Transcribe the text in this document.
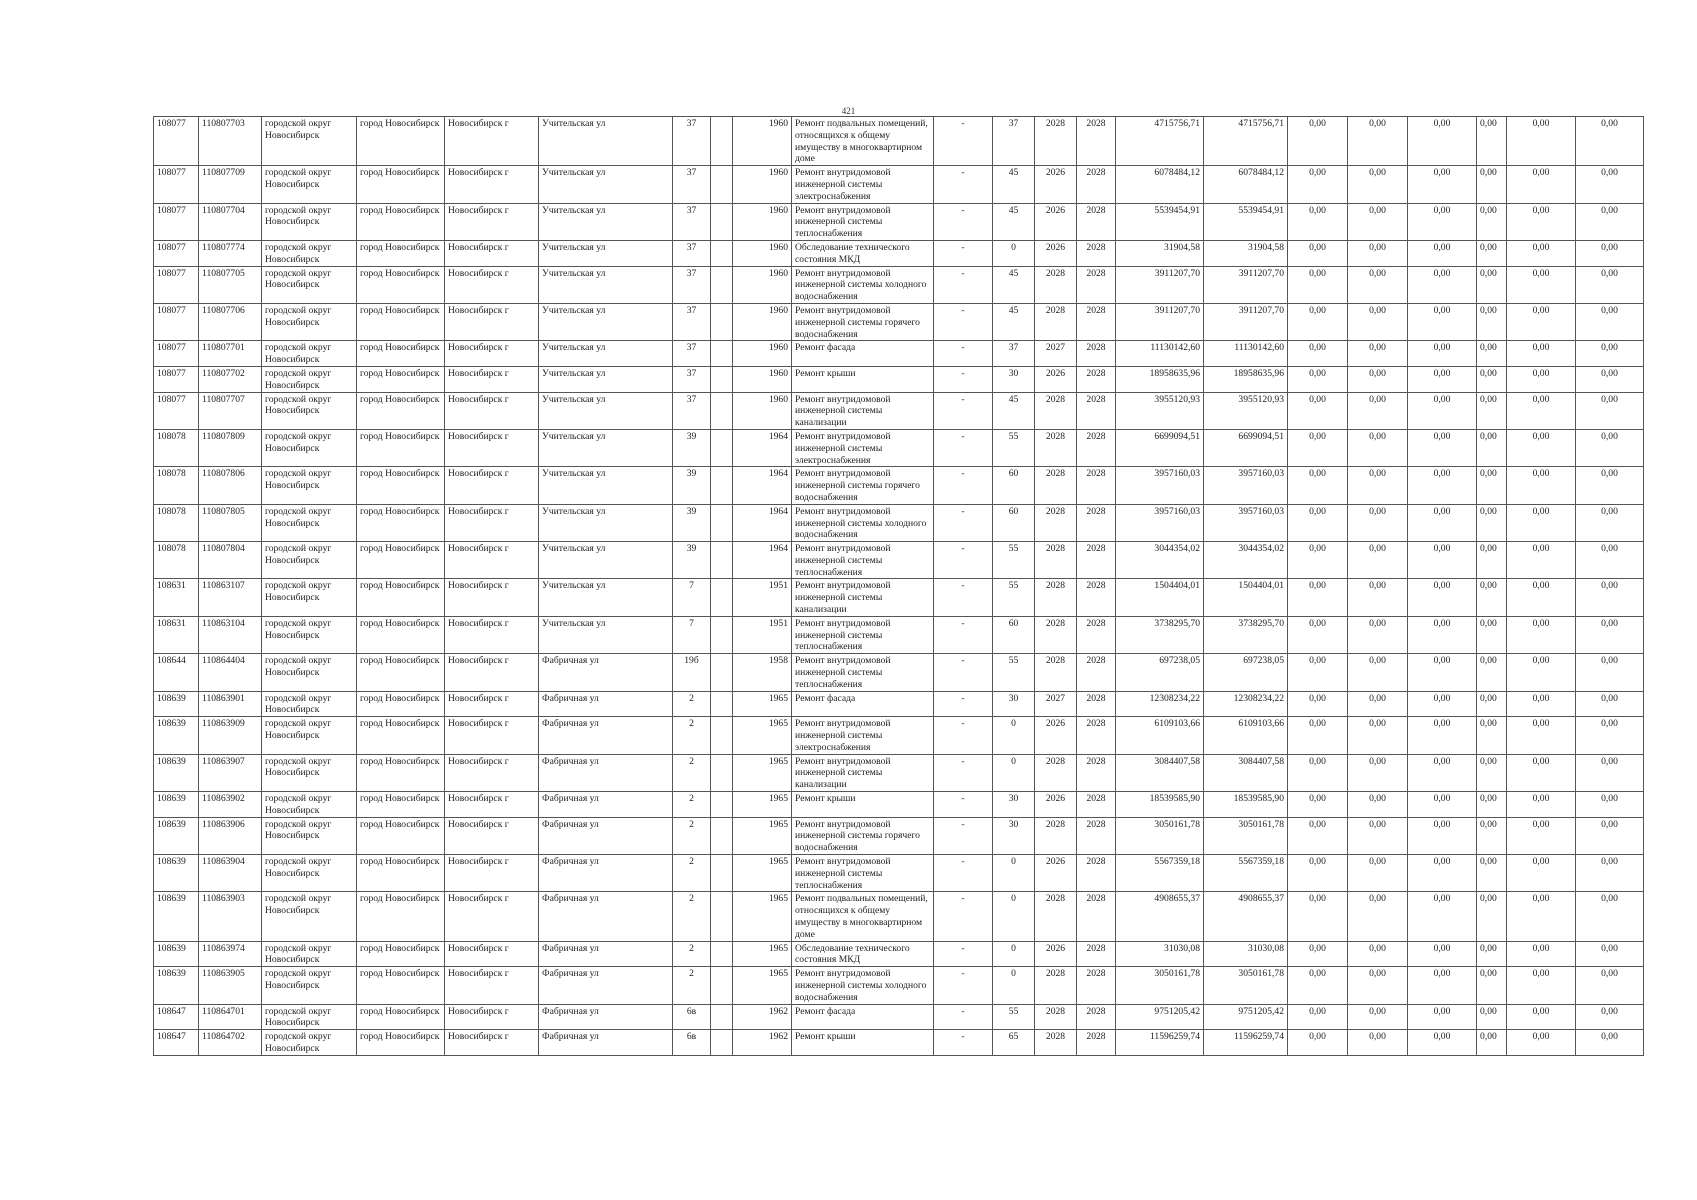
421
108077	110807703	городской округ Новосибирск	город Новосибирск	Новосибирск г	Учительская ул	37		1960	Ремонт подвальных помещений, относящихся к общему имуществу в многоквартирном доме	-	37	2028	2028	4715756,71	4715756,71	0,00	0,00	0,00	0,00	0,00	0,00
108077	110807709	городской округ Новосибирск	город Новосибирск	Новосибирск г	Учительская ул	37		1960	Ремонт внутридомовой инженерной системы электроснабжения	-	45	2026	2028	6078484,12	6078484,12	0,00	0,00	0,00	0,00	0,00	0,00
108077	110807704	городской округ Новосибирск	город Новосибирск	Новосибирск г	Учительская ул	37		1960	Ремонт внутридомовой инженерной системы теплоснабжения	-	45	2026	2028	5539454,91	5539454,91	0,00	0,00	0,00	0,00	0,00	0,00
108077	110807774	городской округ Новосибирск	город Новосибирск	Новосибирск г	Учительская ул	37		1960	Обследование технического состояния МКД	-	0	2026	2028	31904,58	31904,58	0,00	0,00	0,00	0,00	0,00	0,00
108077	110807705	городской округ Новосибирск	город Новосибирск	Новосибирск г	Учительская ул	37		1960	Ремонт внутридомовой инженерной системы холодного водоснабжения	-	45	2028	2028	3911207,70	3911207,70	0,00	0,00	0,00	0,00	0,00	0,00
108077	110807706	городской округ Новосибирск	город Новосибирск	Новосибирск г	Учительская ул	37		1960	Ремонт внутридомовой инженерной системы горячего водоснабжения	-	45	2028	2028	3911207,70	3911207,70	0,00	0,00	0,00	0,00	0,00	0,00
108077	110807701	городской округ Новосибирск	город Новосибирск	Новосибирск г	Учительская ул	37		1960	Ремонт фасада	-	37	2027	2028	11130142,60	11130142,60	0,00	0,00	0,00	0,00	0,00	0,00
108077	110807702	городской округ Новосибирск	город Новосибирск	Новосибирск г	Учительская ул	37		1960	Ремонт крыши	-	30	2026	2028	18958635,96	18958635,96	0,00	0,00	0,00	0,00	0,00	0,00
108077	110807707	городской округ Новосибирск	город Новосибирск	Новосибирск г	Учительская ул	37		1960	Ремонт внутридомовой инженерной системы канализации	-	45	2028	2028	3955120,93	3955120,93	0,00	0,00	0,00	0,00	0,00	0,00
108078	110807809	городской округ Новосибирск	город Новосибирск	Новосибирск г	Учительская ул	39		1964	Ремонт внутридомовой инженерной системы электроснабжения	-	55	2028	2028	6699094,51	6699094,51	0,00	0,00	0,00	0,00	0,00	0,00
108078	110807806	городской округ Новосибирск	город Новосибирск	Новосибирск г	Учительская ул	39		1964	Ремонт внутридомовой инженерной системы горячего водоснабжения	-	60	2028	2028	3957160,03	3957160,03	0,00	0,00	0,00	0,00	0,00	0,00
108078	110807805	городской округ Новосибирск	город Новосибирск	Новосибирск г	Учительская ул	39		1964	Ремонт внутридомовой инженерной системы холодного водоснабжения	-	60	2028	2028	3957160,03	3957160,03	0,00	0,00	0,00	0,00	0,00	0,00
108078	110807804	городской округ Новосибирск	город Новосибирск	Новосибирск г	Учительская ул	39		1964	Ремонт внутридомовой инженерной системы теплоснабжения	-	55	2028	2028	3044354,02	3044354,02	0,00	0,00	0,00	0,00	0,00	0,00
108631	110863107	городской округ Новосибирск	город Новосибирск	Новосибирск г	Учительская ул	7		1951	Ремонт внутридомовой инженерной системы канализации	-	55	2028	2028	1504404,01	1504404,01	0,00	0,00	0,00	0,00	0,00	0,00
108631	110863104	городской округ Новосибирск	город Новосибирск	Новосибирск г	Учительская ул	7		1951	Ремонт внутридомовой инженерной системы теплоснабжения	-	60	2028	2028	3738295,70	3738295,70	0,00	0,00	0,00	0,00	0,00	0,00
108644	110864404	городской округ Новосибирск	город Новосибирск	Новосибирск г	Фабричная ул	19б		1958	Ремонт внутридомовой инженерной системы теплоснабжения	-	55	2028	2028	697238,05	697238,05	0,00	0,00	0,00	0,00	0,00	0,00
108639	110863901	городской округ Новосибирск	город Новосибирск	Новосибирск г	Фабричная ул	2		1965	Ремонт фасада	-	30	2027	2028	12308234,22	12308234,22	0,00	0,00	0,00	0,00	0,00	0,00
108639	110863909	городской округ Новосибирск	город Новосибирск	Новосибирск г	Фабричная ул	2		1965	Ремонт внутридомовой инженерной системы электроснабжения	-	0	2026	2028	6109103,66	6109103,66	0,00	0,00	0,00	0,00	0,00	0,00
108639	110863907	городской округ Новосибирск	город Новосибирск	Новосибирск г	Фабричная ул	2		1965	Ремонт внутридомовой инженерной системы канализации	-	0	2028	2028	3084407,58	3084407,58	0,00	0,00	0,00	0,00	0,00	0,00
108639	110863902	городской округ Новосибирск	город Новосибирск	Новосибирск г	Фабричная ул	2		1965	Ремонт крыши	-	30	2026	2028	18539585,90	18539585,90	0,00	0,00	0,00	0,00	0,00	0,00
108639	110863906	городской округ Новосибирск	город Новосибирск	Новосибирск г	Фабричная ул	2		1965	Ремонт внутридомовой инженерной системы горячего водоснабжения	-	30	2028	2028	3050161,78	3050161,78	0,00	0,00	0,00	0,00	0,00	0,00
108639	110863904	городской округ Новосибирск	город Новосибирск	Новосибирск г	Фабричная ул	2		1965	Ремонт внутридомовой инженерной системы теплоснабжения	-	0	2026	2028	5567359,18	5567359,18	0,00	0,00	0,00	0,00	0,00	0,00
108639	110863903	городской округ Новосибирск	город Новосибирск	Новосибирск г	Фабричная ул	2		1965	Ремонт подвальных помещений, относящихся к общему имуществу в многоквартирном доме	-	0	2028	2028	4908655,37	4908655,37	0,00	0,00	0,00	0,00	0,00	0,00
108639	110863974	городской округ Новосибирск	город Новосибирск	Новосибирск г	Фабричная ул	2		1965	Обследование технического состояния МКД	-	0	2026	2028	31030,08	31030,08	0,00	0,00	0,00	0,00	0,00	0,00
108639	110863905	городской округ Новосибирск	город Новосибирск	Новосибирск г	Фабричная ул	2		1965	Ремонт внутридомовой инженерной системы холодного водоснабжения	-	0	2028	2028	3050161,78	3050161,78	0,00	0,00	0,00	0,00	0,00	0,00
108647	110864701	городской округ Новосибирск	город Новосибирск	Новосибирск г	Фабричная ул	6в		1962	Ремонт фасада	-	55	2028	2028	9751205,42	9751205,42	0,00	0,00	0,00	0,00	0,00	0,00
108647	110864702	городской округ Новосибирск	город Новосибирск	Новосибирск г	Фабричная ул	6в		1962	Ремонт крыши	-	65	2028	2028	11596259,74	11596259,74	0,00	0,00	0,00	0,00	0,00	0,00
